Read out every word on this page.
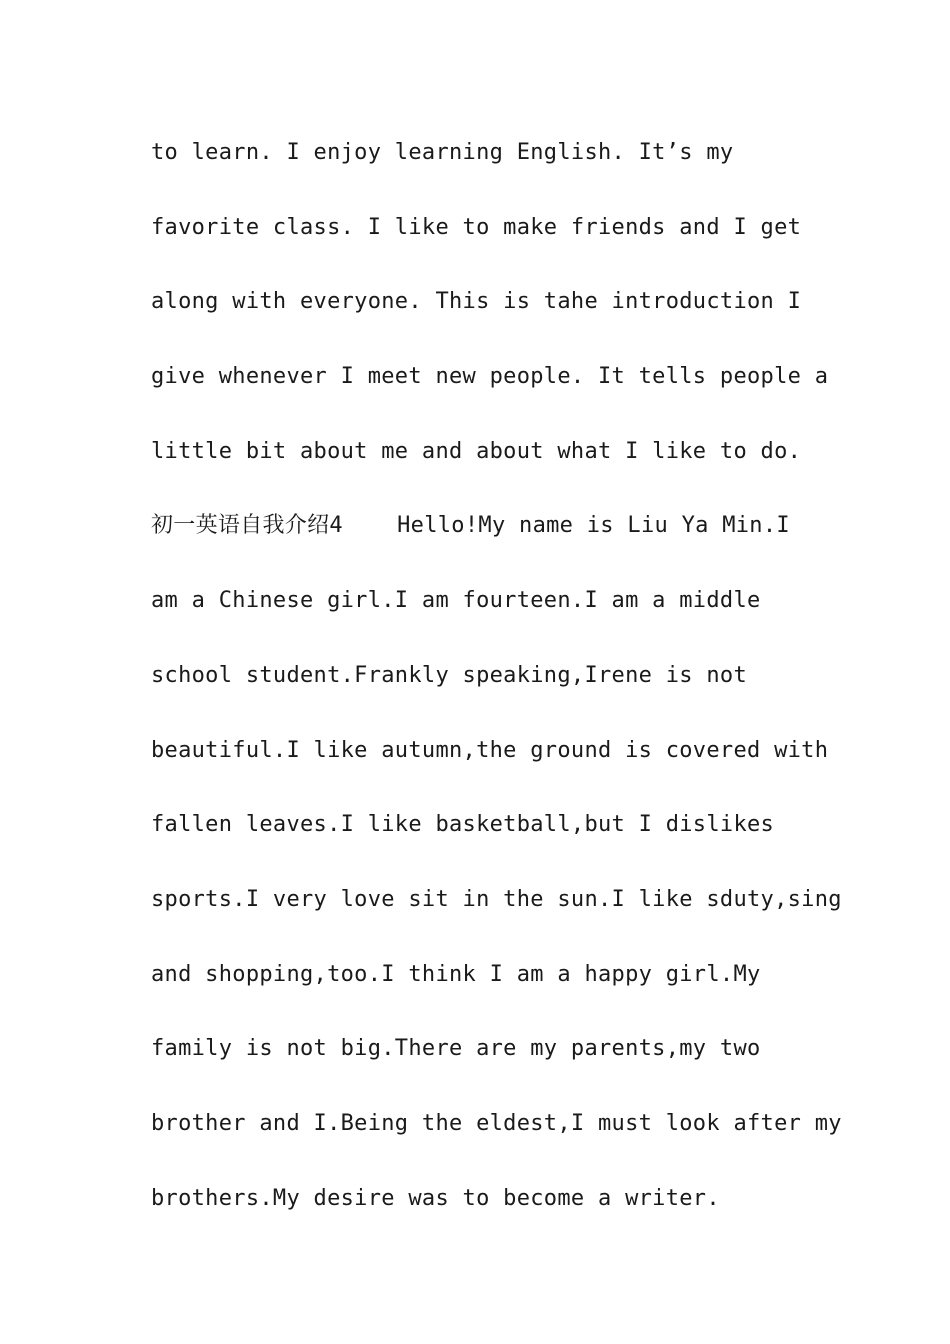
to learn. I enjoy learning English. It’s my
favorite class. I like to make friends and I get
along with everyone. This is tahe introduction I
give whenever I meet new people. It tells people a
little bit about me and about what I like to do.
初一英语自我介绍4    Hello!My name is Liu Ya Min.I
am a Chinese girl.I am fourteen.I am a middle
school student.Frankly speaking,Irene is not
beautiful.I like autumn,the ground is covered with
fallen leaves.I like basketball,but I dislikes
sports.I very love sit in the sun.I like sduty,sing
and shopping,too.I think I am a happy girl.My
family is not big.There are my parents,my two
brother and I.Being the eldest,I must look after my
brothers.My desire was to become a writer.
